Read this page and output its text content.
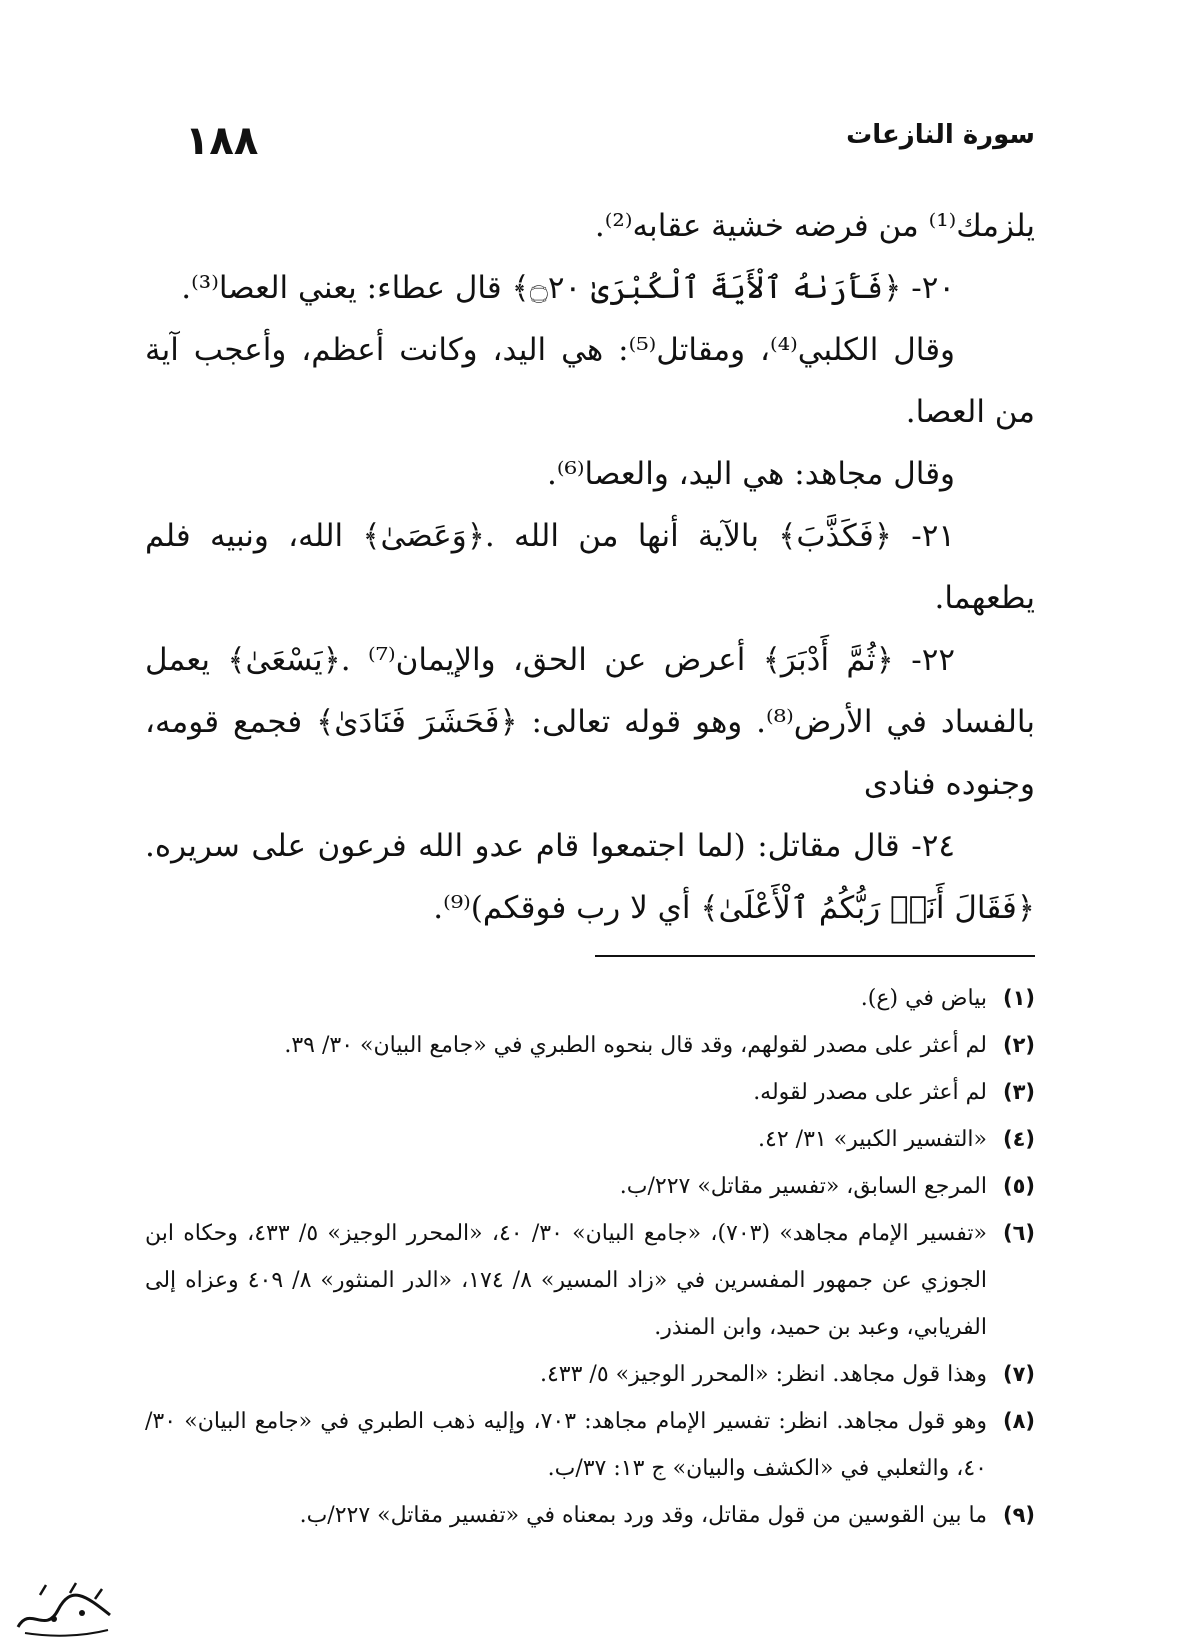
١٨٨	سورة النازعات

يلزمك⁽¹⁾ من فرضه خشية عقابه⁽²⁾.

٢٠- ﴿فَأَرَىٰهُ ٱلْأَيَةَ ٱلْكُبْرَىٰ ۝٢٠﴾ قال عطاء: يعني العصا⁽³⁾.

وقال الكلبي⁽⁴⁾، ومقاتل⁽⁵⁾: هي اليد، وكانت أعظم، وأعجب آية من العصا.

وقال مجاهد: هي اليد، والعصا⁽⁶⁾.

٢١- ﴿فَكَذَّبَ﴾ بالآية أنها من الله .﴿وَعَصَىٰ﴾ الله، ونبيه فلم يطعهما.

٢٢- ﴿ثُمَّ أَدْبَرَ﴾ أعرض عن الحق، والإيمان⁽⁷⁾ .﴿يَسْعَىٰ﴾ يعمل بالفساد في الأرض⁽⁸⁾. وهو قوله تعالى: ﴿فَحَشَرَ فَنَادَىٰ﴾ فجمع قومه، وجنوده فنادى

٢٤- قال مقاتل: (لما اجتمعوا قام عدو الله فرعون على سريره. ﴿فَقَالَ أَنَا۠ رَبُّكُمُ ٱلْأَعْلَىٰ﴾ أي لا رب فوقكم)⁽⁹⁾.

(١)
بياض في (ع).
(٢)
لم أعثر على مصدر لقولهم، وقد قال بنحوه الطبري في «جامع البيان» ٣٠/ ٣٩.
(٣)
لم أعثر على مصدر لقوله.
(٤)
«التفسير الكبير» ٣١/ ٤٢.
(٥)
المرجع السابق، «تفسير مقاتل» ٢٢٧/ب.
(٦)
«تفسير الإمام مجاهد» (٧٠٣)، «جامع البيان» ٣٠/ ٤٠، «المحرر الوجيز» ٥/ ٤٣٣، وحكاه ابن الجوزي عن جمهور المفسرين في «زاد المسير» ٨/ ١٧٤، «الدر المنثور» ٨/ ٤٠٩ وعزاه إلى الفريابي، وعبد بن حميد، وابن المنذر.
(٧)
وهذا قول مجاهد. انظر: «المحرر الوجيز» ٥/ ٤٣٣.
(٨)
وهو قول مجاهد. انظر: تفسير الإمام مجاهد: ٧٠٣، وإليه ذهب الطبري في «جامع البيان» ٣٠/ ٤٠، والثعلبي في «الكشف والبيان» ج ١٣: ٣٧/ب.
(٩)
ما بين القوسين من قول مقاتل، وقد ورد بمعناه في «تفسير مقاتل» ٢٢٧/ب.
